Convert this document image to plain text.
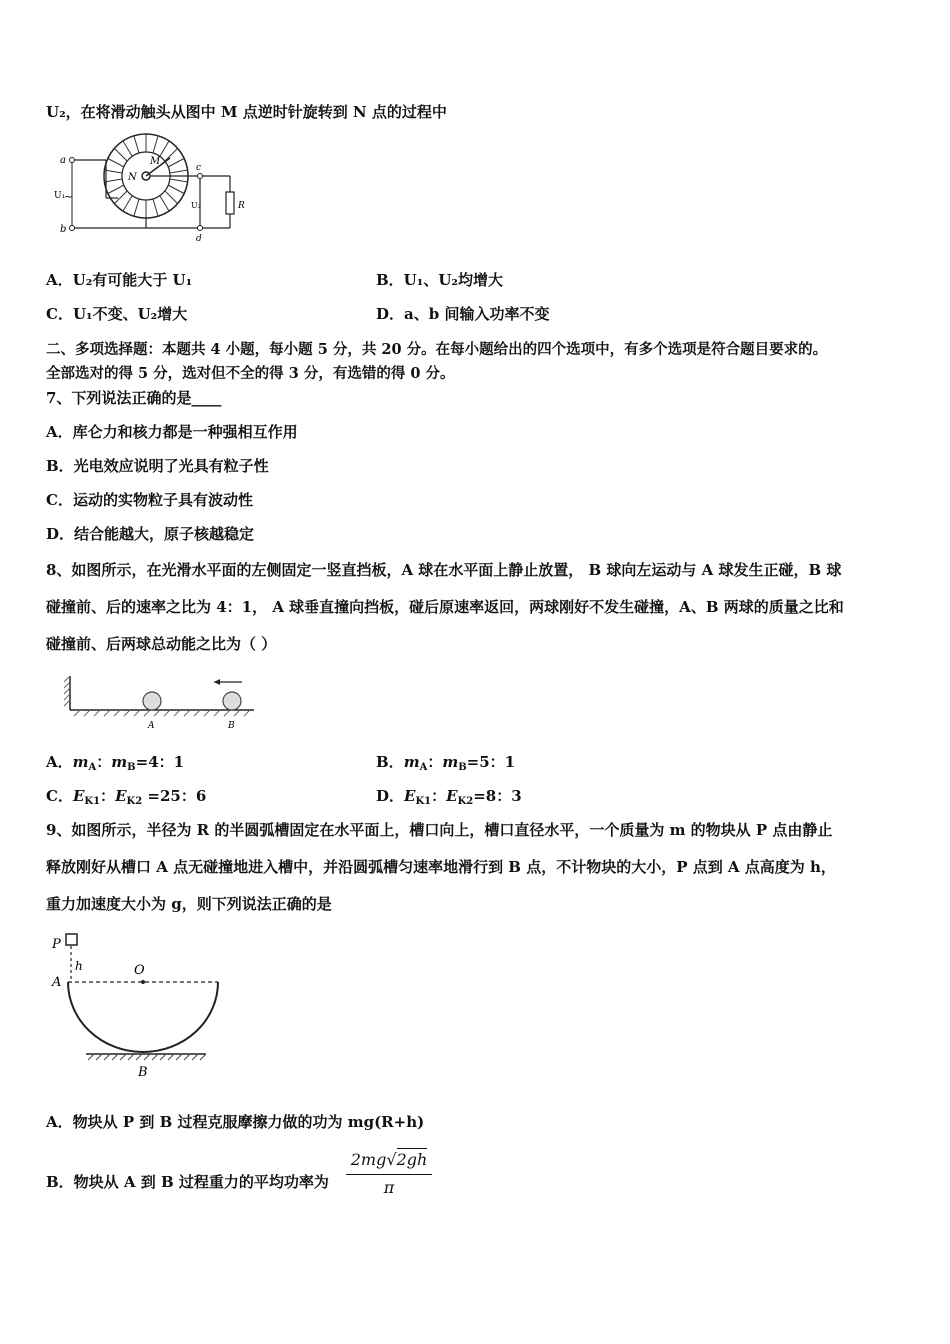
U₂，在将滑动触头从图中 M 点逆时针旋转到 N 点的过程中
a
b
U₁
~
M
N
c
d
U₂	R
A．U₂有可能大于 U₁	B．U₁、U₂均增大
C．U₁不变、U₂增大	D．a、b 间输入功率不变
二、多项选择题：本题共 4 小题，每小题 5 分，共 20 分。在每小题给出的四个选项中，有多个选项是符合题目要求的。
全部选对的得 5 分，选对但不全的得 3 分，有选错的得 0 分。
7、下列说法正确的是____
A．库仑力和核力都是一种强相互作用
B．光电效应说明了光具有粒子性
C．运动的实物粒子具有波动性
D．结合能越大，原子核越稳定
8、如图所示，在光滑水平面的左侧固定一竖直挡板，A 球在水平面上静止放置， B 球向左运动与 A 球发生正碰，B 球
碰撞前、后的速率之比为 4：1， A 球垂直撞向挡板，碰后原速率返回，两球刚好不发生碰撞，A、B 两球的质量之比和
碰撞前、后两球总动能之比为（ ）
A	B
A．$m_A$：$m_B=4$：1	B．$m_A$：$m_B=5$：1
C．$E_{K1}$：$E_{K2} =25$：6	D．$E_{K1}$：$E_{K2}=8$：3
9、如图所示，半径为 R 的半圆弧槽固定在水平面上，槽口向上，槽口直径水平，一个质量为 m 的物块从 P 点由静止
释放刚好从槽口 A 点无碰撞地进入槽中，并沿圆弧槽匀速率地滑行到 B 点，不计物块的大小，P 点到 A 点高度为 h，
重力加速度大小为 g，则下列说法正确的是
P
h	O
A
B
A．物块从 P 到 B 过程克服摩擦力做的功为 mg(R+h)
B．物块从 A 到 B 过程重力的平均功率为
2mg√2gh
π
